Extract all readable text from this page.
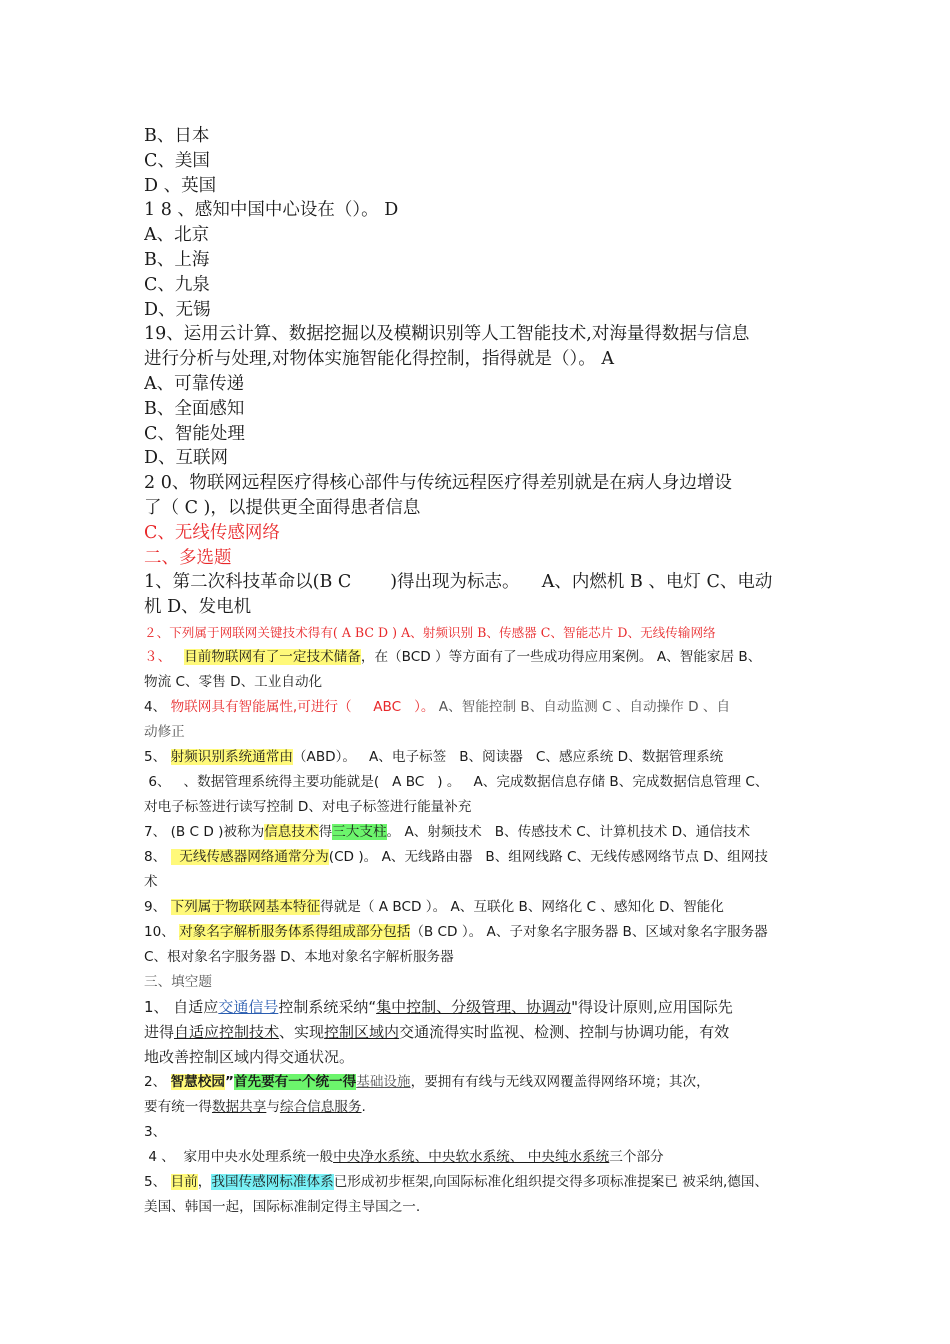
B、日本
C、美国
D 、英国
1 8 、感知中国中心设在（）。 D
A、北京
B、上海
C、九泉
D、无锡
19、运用云计算、数据挖掘以及模糊识别等人工智能技术,对海量得数据与信息
进行分析与处理,对物体实施智能化得控制，指得就是（）。 A
A、可靠传递
B、全面感知
C、智能处理
D、互联网
2 0、物联网远程医疗得核心部件与传统远程医疗得差别就是在病人身边增设
了（ C )，以提供更全面得患者信息
C、无线传感网络
二、多选题
1、第二次科技革命以(B C       )得出现为标志。    A、内燃机 B 、电灯 C、电动
机 D、发电机
２、下列属于网联网关键技术得有( A BC D ) A、射频识别 B、传感器 C、智能芯片 D、无线传输网络
３、 目前物联网有了一定技术储备，在（BCD ）等方面有了一些成功得应用案例。 A、智能家居 B、
物流 C、零售 D、工业自动化
4、 物联网具有智能属性,可进行（     ABC   ）。 A、智能控制 B、自动监测 C 、自动操作 D 、自
动修正
5、 射频识别系统通常由（ABD）。   A、电子标签   B、阅读器   C、感应系统 D、数据管理系统
6、   、数据管理系统得主要功能就是(   A BC   ) 。   A、完成数据信息存储 B、完成数据信息管理 C、
对电子标签进行读写控制 D、对电子标签进行能量补充
7、 (B C D )被称为信息技术得三大支柱。 A、射频技术   B、传感技术 C、计算机技术 D、通信技术
8、   无线传感器网络通常分为(CD )。 A、无线路由器   B、组网线路 C、无线传感网络节点 D、组网技
术
9、 下列属于物联网基本特征得就是（ A BCD ）。 A、互联化 B、网络化 C 、感知化 D、智能化
10、 对象名字解析服务体系得组成部分包括（B CD ）。 A、子对象名字服务器 B、区域对象名字服务器
C、根对象名字服务器 D、本地对象名字解析服务器
三、填空题
1、 自适应交通信号控制系统采纳“集中控制、分级管理、协调动"得设计原则,应用国际先
进得自适应控制技术、实现控制区域内交通流得实时监视、检测、控制与协调功能，有效
地改善控制区域内得交通状况。
2、 智慧校园”首先要有一个统一得基础设施，要拥有有线与无线双网覆盖得网络环境；其次，
要有统一得数据共享与综合信息服务.
3、
4 、  家用中央水处理系统一般中央净水系统、中央软水系统、 中央纯水系统三个部分
5、 目前，我国传感网标准体系已形成初步框架,向国际标准化组织提交得多项标准提案已 被采纳,德国、
美国、韩国一起，国际标准制定得主导国之一.
